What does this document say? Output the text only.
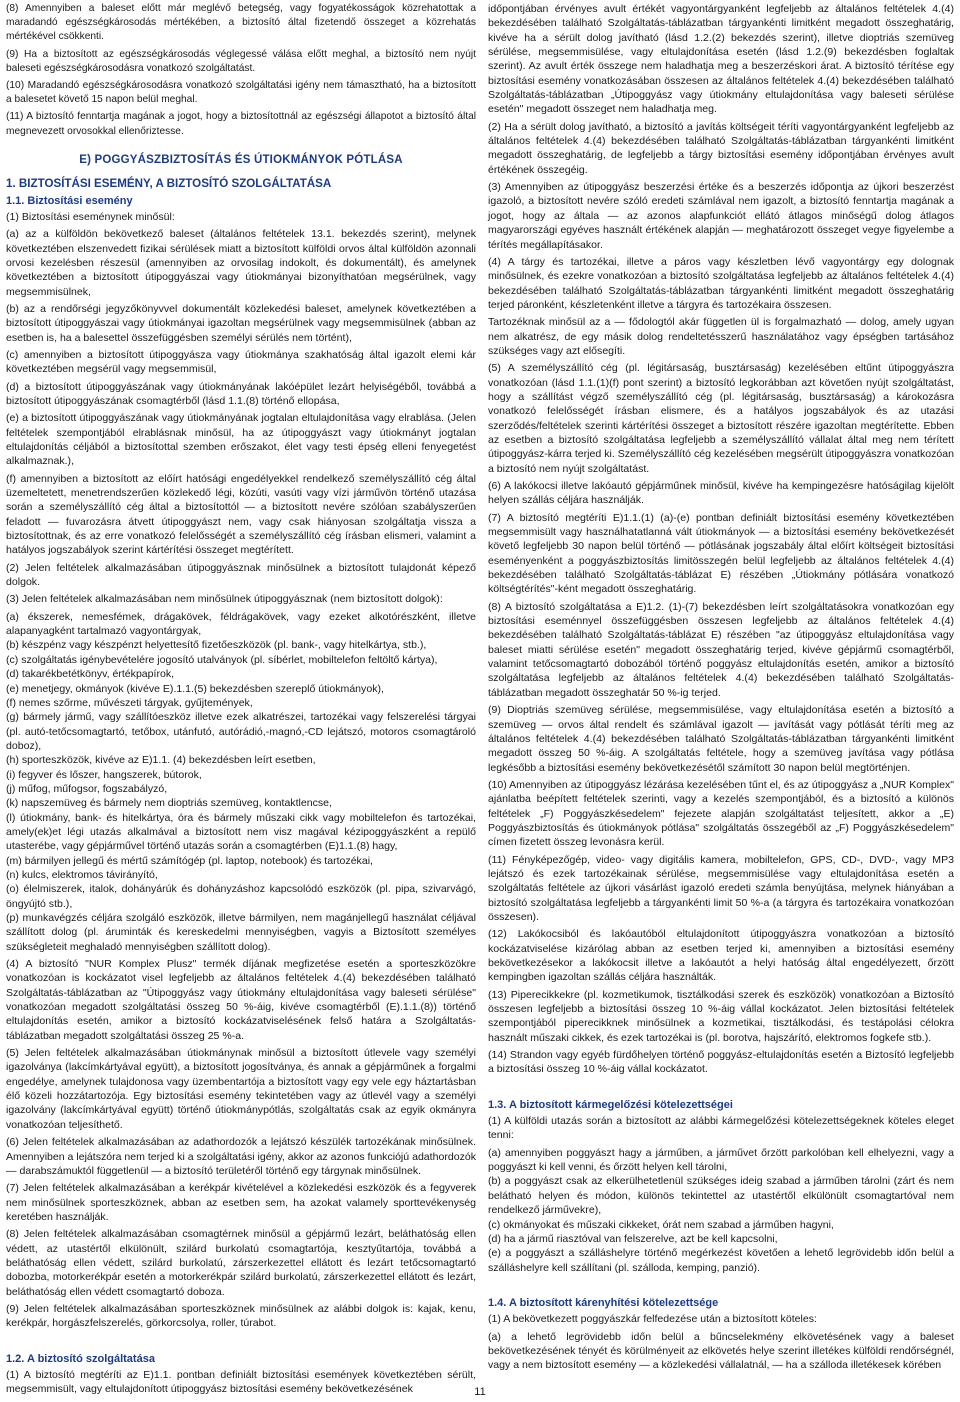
(8) Amennyiben a baleset előtt már meglévő betegség, vagy fogyatékosságok közrehatottak a maradandó egészségkárosodás mértékében, a biztosító által fizetendő összeget a közrehatás mértékével csökkenti.

(9) Ha a biztosított az egészségkárosodás véglegessé válása előtt meghal, a biztosító nem nyújt baleseti egészségkárosodásra vonatkozó szolgáltatást.

(10) Maradandó egészségkárosodásra vonatkozó szolgáltatási igény nem támasztható, ha a biztosított a balesetet követő 15 napon belül meghal.

(11) A biztosító fenntartja magának a jogot, hogy a biztosítottnál az egészségi állapotot a biztosító által megnevezett orvosokkal ellenőriztesse.

E) POGGYÁSZBIZTOSÍTÁS ÉS ÚTIOKMÁNYOK PÓTLÁSA

1. BIZTOSÍTÁSI ESEMÉNY, A BIZTOSÍTÓ SZOLGÁLTATÁSA

1.1. Biztosítási esemény

(1) Biztosítási eseménynek minősül:

(a) az a külföldön bekövetkező baleset (általános feltételek 13.1. bekezdés szerint), melynek következtében elszenvedett fizikai sérülések miatt a biztosított külföldi orvos által külföldön azonnali orvosi kezelésben részesül (amennyiben az orvosilag indokolt, és dokumentált), és amelynek következtében a biztosított útipoggyászai vagy útiokmányai bizonyíthatóan megsérülnek, vagy megsemmisülnek,

(b) az a rendőrségi jegyzőkönyvvel dokumentált közlekedési baleset, amelynek következtében a biztosított útipoggyászai vagy útiokmányai igazoltan megsérülnek vagy megsemmisülnek (abban az esetben is, ha a balesettel összefüggésben személyi sérülés nem történt),

(c) amennyiben a biztosított útipoggyásza vagy útiokmánya szakhatóság által igazolt elemi kár következtében megsérül vagy megsemmisül,

(d) a biztosított útipoggyászának vagy útiokmányának lakóépület lezárt helyiségéből, továbbá a biztosított útipoggyászának csomagtérből (lásd 1.1.(8) történő ellopása,

(e) a biztosított útipoggyászának vagy útiokmányának jogtalan eltulajdonítása vagy elrablása. (Jelen feltételek szempontjából elrablásnak minősül, ha az útipoggyászt vagy útiokmányt jogtalan eltulajdonítás céljából a biztosítottal szemben erőszakot, élet vagy testi épség elleni fenyegetést alkalmaznak.),

(f) amennyiben a biztosított az előírt hatósági engedélyekkel rendelkező személyszállító cég által üzemeltetett, menetrendszerűen közlekedő légi, közúti, vasúti vagy vízi járművön történő utazása során a személyszállító cég által a biztosítottól — a biztosított nevére szólóan szabályszerűen feladott — fuvarozásra átvett útipoggyászt nem, vagy csak hiányosan szolgáltatja vissza a biztosítottnak, és az erre vonatkozó felelősségét a személyszállító cég írásban elismeri, valamint a hatályos jogszabályok szerint kártérítési összeget megtérített.

(2) Jelen feltételek alkalmazásában útipoggyásznak minősülnek a biztosított tulajdonát képező dolgok.

(3) Jelen feltételek alkalmazásában nem minősülnek útipoggyásznak (nem biztosított dolgok):

(a) ékszerek, nemesfémek, drágakövek, féldrágakövek, vagy ezeket alkotórészként, illetve alapanyagként tartalmazó vagyontárgyak,

(b) készpénz vagy készpénzt helyettesítő fizetőeszközök (pl. bank-, vagy hitelkártya, stb.),

(c) szolgáltatás igénybevételére jogosító utalványok (pl. síbérlet, mobiltelefon feltöltő kártya),

(d) takarékbetétkönyv, értékpapírok,

(e) menetjegy, okmányok (kivéve E).1.1.(5) bekezdésben szereplő útiokmányok),

(f) nemes szőrme, művészeti tárgyak, gyűjtemények,

(g) bármely jármű, vagy szállítóeszköz illetve ezek alkatrészei, tartozékai vagy felszerelési tárgyai (pl. autó-tetőcsomagtartó, tetőbox, utánfutó, autórádió,-magnó,-CD lejátszó, motoros csomagtároló doboz),

(h) sporteszközök, kivéve az E)1.1. (4) bekezdésben leírt esetben,

(i) fegyver és lőszer, hangszerek, bútorok,

(j) műfog, műfogsor, fogszabályzó,

(k) napszemüveg és bármely nem dioptriás szemüveg, kontaktlencse,

(l) útiokmány, bank- és hitelkártya, óra és bármely műszaki cikk vagy mobiltelefon és tartozékai, amely(ek)et légi utazás alkalmával a biztosított nem visz magával kézipoggyászként a repülő utasterébe, vagy gépjárművel történő utazás során a csomagtérben (E)1.1.(8) hagy,

(m) bármilyen jellegű és mértű számítógép (pl. laptop, notebook) és tartozékai,

(n) kulcs, elektromos távirányító,

(o) élelmiszerek, italok, dohányárúk és dohányzáshoz kapcsolódó eszközök (pl. pipa, szivarvágó, öngyújtó stb.),

(p) munkavégzés céljára szolgáló eszközök, illetve bármilyen, nem magánjellegű használat céljával szállított dolog (pl. áruminták és kereskedelmi mennyiségben, vagyis a Biztosított személyes szükségleteit meghaladó mennyiségben szállított dolog).

(4) A biztosító "NUR Komplex Plusz" termék díjának megfizetése esetén a sporteszközökre vonatkozóan is kockázatot visel legfeljebb az általános feltételek 4.(4) bekezdésében található Szolgáltatás-táblázatban az "Útipoggyász vagy útiokmány eltulajdonítása vagy baleseti sérülése" vonatkozóan megadott szolgáltatási összeg 50 %-áig, kivéve csomagtérből (E).1.1.(8)) történő eltulajdonítás esetén, amikor a biztosító kockázatviselésének felső határa a Szolgáltatás-táblázatban megadott szolgáltatási összeg 25 %-a.

(5) Jelen feltételek alkalmazásában útiokmánynak minősül a biztosított útlevele vagy személyi igazolványa (lakcímkártyával együtt), a biztosított jogosítványa, és annak a gépjárműnek a forgalmi engedélye, amelynek tulajdonosa vagy üzembentartója a biztosított vagy egy vele egy háztartásban élő közeli hozzátartozója. Egy biztosítási esemény tekintetében vagy az útlevél vagy a személyi igazolvány (lakcímkártyával együtt) történő útiokmánypótlás, szolgáltatás csak az egyik okmányra vonatkozóan teljesíthető.

(6) Jelen feltételek alkalmazásában az adathordozók a lejátszó készülék tartozékának minősülnek. Amennyiben a lejátszóra nem terjed ki a szolgáltatási igény, akkor az azonos funkciójú adathordozók — darabszámuktól függetlenül — a biztosító területéről történő egy tárgynak minősülnek.

(7) Jelen feltételek alkalmazásában a kerékpár kivételével a közlekedési eszközök és a fegyverek nem minősülnek sporteszköznek, abban az esetben sem, ha azokat valamely sporttevékenység keretében használják.

(8) Jelen feltételek alkalmazásában csomagtérnek minősül a gépjármű lezárt, beláthatóság ellen védett, az utastértől elkülönült, szilárd burkolatú csomagtartója, kesztyűtartója, továbbá a beláthatóság ellen védett, szilárd burkolatú, zárszerkezettel ellátott és lezárt tetőcsomagtartó dobozba, motorkerékpár esetén a motorkerékpár szilárd burkolatú, zárszerkezettel ellátott és lezárt, beláthatóság ellen védett csomagtartó doboza.

(9) Jelen feltételek alkalmazásában sporteszköznek minősülnek az alábbi dolgok is: kajak, kenu, kerékpár, horgászfelszerelés, görkorcsolya, roller, túrabot.

1.2. A biztosító szolgáltatása

(1) A biztosító megtéríti az E)1.1. pontban definiált biztosítási események következtében sérült, megsemmisült, vagy eltulajdonított útipoggyász biztosítási esemény bekövetkezésének

időpontjában érvényes avult értékét vagyontárgyanként legfeljebb az általános feltételek 4.(4) bekezdésében található Szolgáltatás-táblázatban tárgyankénti limitként megadott összeghatárig, kivéve ha a sérült dolog javítható (lásd 1.2.(2) bekezdés szerint), illetve dioptriás szemüveg sérülése, megsemmisülése, vagy eltulajdonítása esetén (lásd 1.2.(9) bekezdésben foglaltak szerint). Az avult érték összege nem haladhatja meg a beszerzéskori árat. A biztosító térítése egy biztosítási esemény vonatkozásában összesen az általános feltételek 4.(4) bekezdésében található Szolgáltatás-táblázatban „Útipoggyász vagy útiokmány eltulajdonítása vagy baleseti sérülése esetén" megadott összeget nem haladhatja meg.

(2) Ha a sérült dolog javítható, a biztosító a javítás költségeit téríti vagyontárgyanként legfeljebb az általános feltételek 4.(4) bekezdésében található Szolgáltatás-táblázatban tárgyankénti limitként megadott összeghatárig, de legfeljebb a tárgy biztosítási esemény időpontjában érvényes avult értékének összegéig.

(3) Amennyiben az útipoggyász beszerzési értéke és a beszerzés időpontja az újkori beszerzést igazoló, a biztosított nevére szóló eredeti számlával nem igazolt, a biztosító fenntartja magának a jogot, hogy az általa — az azonos alapfunkciót ellátó átlagos minőségű dolog átlagos magyarországi egyéves használt értékének alapján — meghatározott összeget vegye figyelembe a térítés megállapításakor.

(4) A tárgy és tartozékai, illetve a páros vagy készletben lévő vagyontárgy egy dolognak minősülnek, és ezekre vonatkozóan a biztosító szolgáltatása legfeljebb az általános feltételek 4.(4) bekezdésében található Szolgáltatás-táblázatban tárgyankénti limitként megadott összeghatárig terjed páronként, készletenként illetve a tárgyra és tartozékaira összesen.

Tartozéknak minősül az a — fődologtól akár független ül is forgalmazható — dolog, amely ugyan nem alkatrész, de egy másik dolog rendeltetésszerű használatához vagy épségben tartásához szükséges vagy azt elősegíti.

(5) A személyszállító cég (pl. légitársaság, busztársaság) kezelésében eltűnt útipoggyászra vonatkozóan (lásd 1.1.(1)(f) pont szerint) a biztosító legkorábban azt követően nyújt szolgáltatást, hogy a szállítást végző személyszállító cég (pl. légitársaság, busztársaság) a károkozásra vonatkozó felelősségét írásban elismere, és a hatályos jogszabályok és az utazási szerződés/feltételek szerinti kártérítési összeget a biztosított részére igazoltan megtérítette. Ebben az esetben a biztosító szolgáltatása legfeljebb a személyszállító vállalat által meg nem térített útipoggyász-kárra terjed ki. Személyszállító cég kezelésében megsérült útipoggyászra vonatkozóan a biztosító nem nyújt szolgáltatást.

(6) A lakókocsi illetve lakóautó gépjárműnek minősül, kivéve ha kempingezésre hatóságilag kijelölt helyen szállás céljára használják.

(7) A biztosító megtéríti E)1.1.(1) (a)-(e) pontban definiált biztosítási esemény következtében megsemmisült vagy használhatatlanná vált útiokmányok — a biztosítási esemény bekövetkezését követő legfeljebb 30 napon belül történő — pótlásának jogszabály által előírt költségeit biztosítási eseményenként a poggyászbiztosítás limitösszegén belül legfeljebb az általános feltételek 4.(4) bekezdésében található Szolgáltatás-táblázat E) részében „Útiokmány pótlására vonatkozó költségtérítés"-ként megadott összeghatárig.

(8) A biztosító szolgáltatása a E)1.2. (1)-(7) bekezdésben leírt szolgáltatásokra vonatkozóan egy biztosítási eseménnyel összefüggésben összesen legfeljebb az általános feltételek 4.(4) bekezdésében található Szolgáltatás-táblázat E) részében "az útipoggyász eltulajdonítása vagy baleset miatti sérülése esetén" megadott összeghatárig terjed, kivéve gépjármű csomagtérből, valamint tetőcsomagtartó dobozából történő poggyász eltulajdonítás esetén, amikor a biztosító szolgáltatása legfeljebb az általános feltételek 4.(4) bekezdésében található Szolgáltatás-táblázatban megadott összeghatár 50 %-ig terjed.

(9) Dioptriás szemüveg sérülése, megsemmisülése, vagy eltulajdonítása esetén a biztosító a szemüveg — orvos által rendelt és számlával igazolt — javítását vagy pótlását téríti meg az általános feltételek 4.(4) bekezdésében található Szolgáltatás-táblázatban tárgyankénti limitként megadott összeg 50 %-áig. A szolgáltatás feltétele, hogy a szemüveg javítása vagy pótlása legkésőbb a biztosítási esemény bekövetkezésétől számított 30 napon belül megtörténjen.

(10) Amennyiben az útipoggyász lézárása kezelésében tűnt el, és az útipoggyász a „NUR Komplex" ajánlatba beépített feltételek szerinti, vagy a kezelés szempontjából, és a biztosító a különös feltételek „F) Poggyászkésedelem" fejezete alapján szolgáltatást teljesített, akkor a „E) Poggyászbiztosítás és útiokmányok pótlása" szolgáltatás összegéből az „F) Poggyászkésedelem" címen fizetett összeg levonásra kerül.

(11) Fényképezőgép, video- vagy digitális kamera, mobiltelefon, GPS, CD-, DVD-, vagy MP3 lejátszó és ezek tartozékainak sérülése, megsemmisülése vagy eltulajdonítása esetén a szolgáltatás feltétele az újkori vásárlást igazoló eredeti számla benyújtása, melynek hiányában a biztosító szolgáltatása legfeljebb a tárgyankénti limit 50 %-a (a tárgyra és tartozékaira vonatkozóan összesen).

(12) Lakókocsiból és lakóautóból eltulajdonított útipoggyászra vonatkozóan a biztosító kockázatviselése kizárólag abban az esetben terjed ki, amennyiben a biztosítási esemény bekövetkezésekor a lakókocsit illetve a lakóautót a helyi hatóság által engedélyezett, őrzött kempingben igazoltan szállás céljára használták.

(13) Piperecikkekre (pl. kozmetikumok, tisztálkodási szerek és eszközök) vonatkozóan a Biztosító összesen legfeljebb a biztosítási összeg 10 %-áig vállal kockázatot. Jelen biztosítási feltételek szempontjából piperecikknek minősülnek a kozmetikai, tisztálkodási, és testápolási célokra használt műszaki cikkek, és ezek tartozékai is (pl. borotva, hajszárító, elektromos fogkefe stb.).

(14) Strandon vagy egyéb fürdőhelyen történő poggyász-eltulajdonítás esetén a Biztosító legfeljebb a biztosítási összeg 10 %-áig vállal kockázatot.

1.3. A biztosított kármegelőzési kötelezettségei

(1) A külföldi utazás során a biztosított az alábbi kármegelőzési kötelezettségeknek köteles eleget tenni:

(a) amennyiben poggyászt hagy a járműben, a járművet őrzött parkolóban kell elhelyezni, vagy a poggyászt ki kell venni, és őrzött helyen kell tárolni,

(b) a poggyászt csak az elkerülhetetlenül szükséges ideig szabad a járműben tárolni (zárt és nem belátható helyen és módon, különös tekintettel az utastértől elkülönült csomagtartóval nem rendelkező járművekre),

(c) okmányokat és műszaki cikkeket, órát nem szabad a járműben hagyni,

(d) ha a jármű riasztóval van felszerelve, azt be kell kapcsolni,

(e) a poggyászt a szálláshelyre történő megérkezést követően a lehető legrövidebb időn belül a szálláshelyre kell szállítani (pl. szálloda, kemping, panzió).

1.4. A biztosított kárenyhítési kötelezettsége

(1) A bekövetkezett poggyászkár felfedezése után a biztosított köteles:

(a) a lehető legrövidebb időn belül a bűncselekmény elkövetésének vagy a baleset bekövetkezésének tényét és körülményeit az elkövetés helye szerint illetékes külföldi rendőrségnél, vagy a nem biztosított esemény — a közlekedési vállalatnál, — ha a szálloda illetékesek körében

11
